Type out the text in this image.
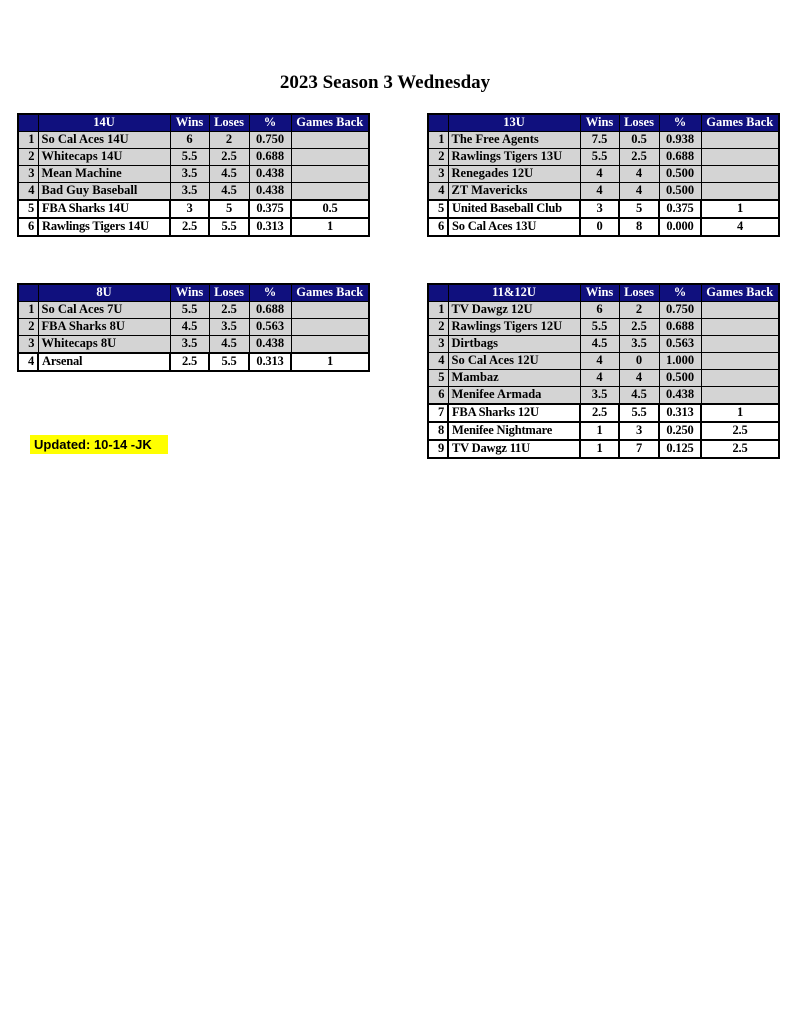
2023 Season 3 Wednesday
	14U	Wins	Loses	%	Games Back
1	So Cal Aces 14U	6	2	0.750	
2	Whitecaps 14U	5.5	2.5	0.688	
3	Mean Machine	3.5	4.5	0.438	
4	Bad Guy Baseball	3.5	4.5	0.438	
5	FBA Sharks 14U	3	5	0.375	0.5
6	Rawlings Tigers 14U	2.5	5.5	0.313	1
	13U	Wins	Loses	%	Games Back
1	The Free Agents	7.5	0.5	0.938	
2	Rawlings Tigers 13U	5.5	2.5	0.688	
3	Renegades 12U	4	4	0.500	
4	ZT Mavericks	4	4	0.500	
5	United Baseball Club	3	5	0.375	1
6	So Cal Aces 13U	0	8	0.000	4
	8U	Wins	Loses	%	Games Back
1	So Cal Aces 7U	5.5	2.5	0.688	
2	FBA Sharks 8U	4.5	3.5	0.563	
3	Whitecaps 8U	3.5	4.5	0.438	
4	Arsenal	2.5	5.5	0.313	1
	11&12U	Wins	Loses	%	Games Back
1	TV Dawgz 12U	6	2	0.750	
2	Rawlings Tigers 12U	5.5	2.5	0.688	
3	Dirtbags	4.5	3.5	0.563	
4	So Cal Aces 12U	4	0	1.000	
5	Mambaz	4	4	0.500	
6	Menifee Armada	3.5	4.5	0.438	
7	FBA Sharks 12U	2.5	5.5	0.313	1
8	Menifee Nightmare	1	3	0.250	2.5
9	TV Dawgz 11U	1	7	0.125	2.5
Updated: 10-14 -JK
